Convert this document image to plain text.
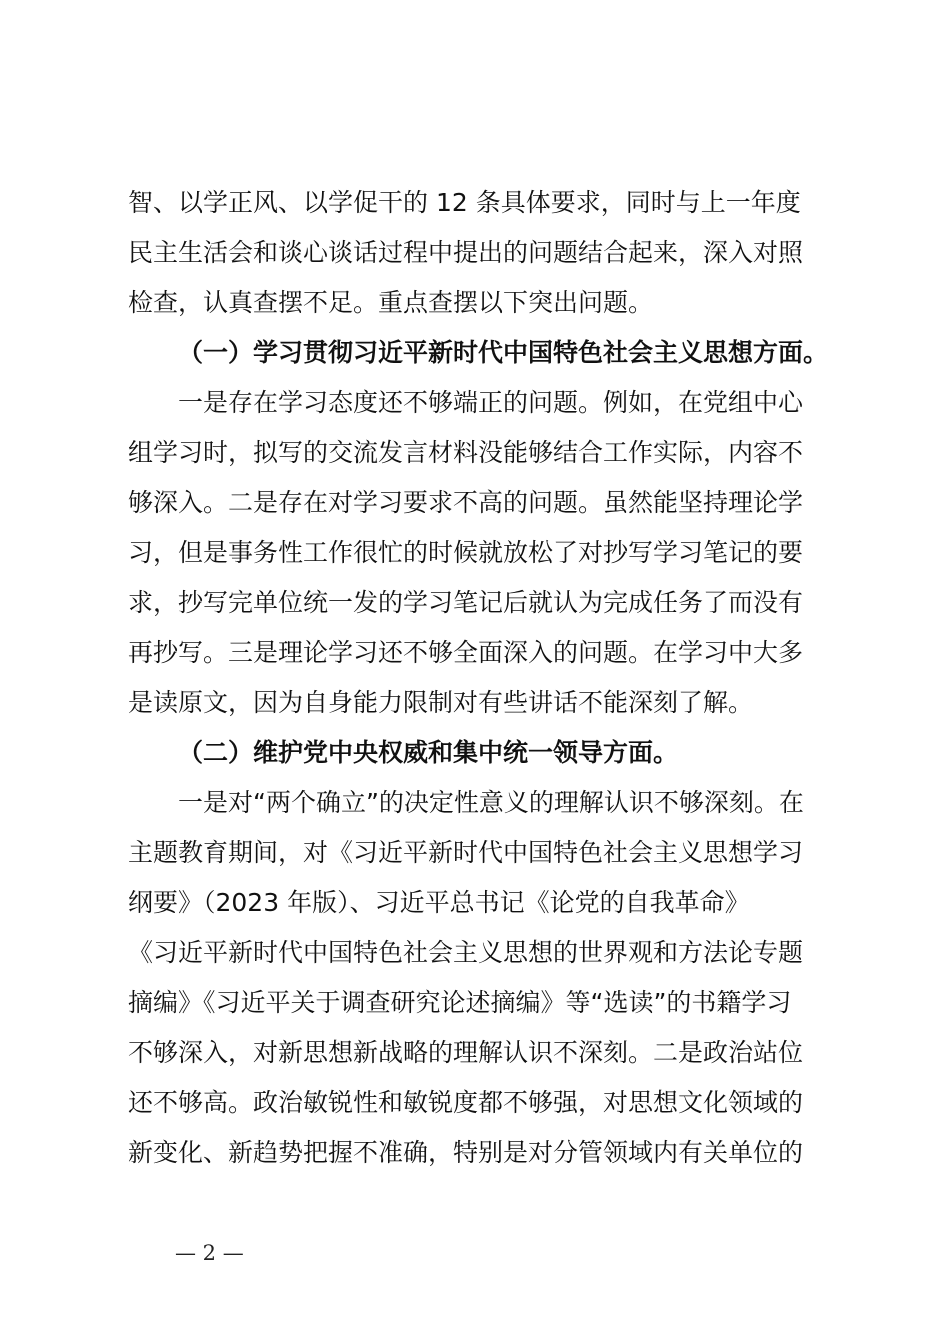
智、以学正风、以学促干的 12 条具体要求，同时与上一年度
民主生活会和谈心谈话过程中提出的问题结合起来，深入对照
检查，认真查摆不足。重点查摆以下突出问题。
（一）学习贯彻习近平新时代中国特色社会主义思想方面。
一是存在学习态度还不够端正的问题。例如，在党组中心
组学习时，拟写的交流发言材料没能够结合工作实际，内容不
够深入。二是存在对学习要求不高的问题。虽然能坚持理论学
习，但是事务性工作很忙的时候就放松了对抄写学习笔记的要
求，抄写完单位统一发的学习笔记后就认为完成任务了而没有
再抄写。三是理论学习还不够全面深入的问题。在学习中大多
是读原文，因为自身能力限制对有些讲话不能深刻了解。
（二）维护党中央权威和集中统一领导方面。
一是对“两个确立”的决定性意义的理解认识不够深刻。在
主题教育期间，对《习近平新时代中国特色社会主义思想学习
纲要》（2023 年版）、习近平总书记《论党的自我革命》
《习近平新时代中国特色社会主义思想的世界观和方法论专题
摘编》《习近平关于调查研究论述摘编》等“选读”的书籍学习
不够深入，对新思想新战略的理解认识不深刻。二是政治站位
还不够高。政治敏锐性和敏锐度都不够强，对思想文化领域的
新变化、新趋势把握不准确，特别是对分管领域内有关单位的
— 2 —
